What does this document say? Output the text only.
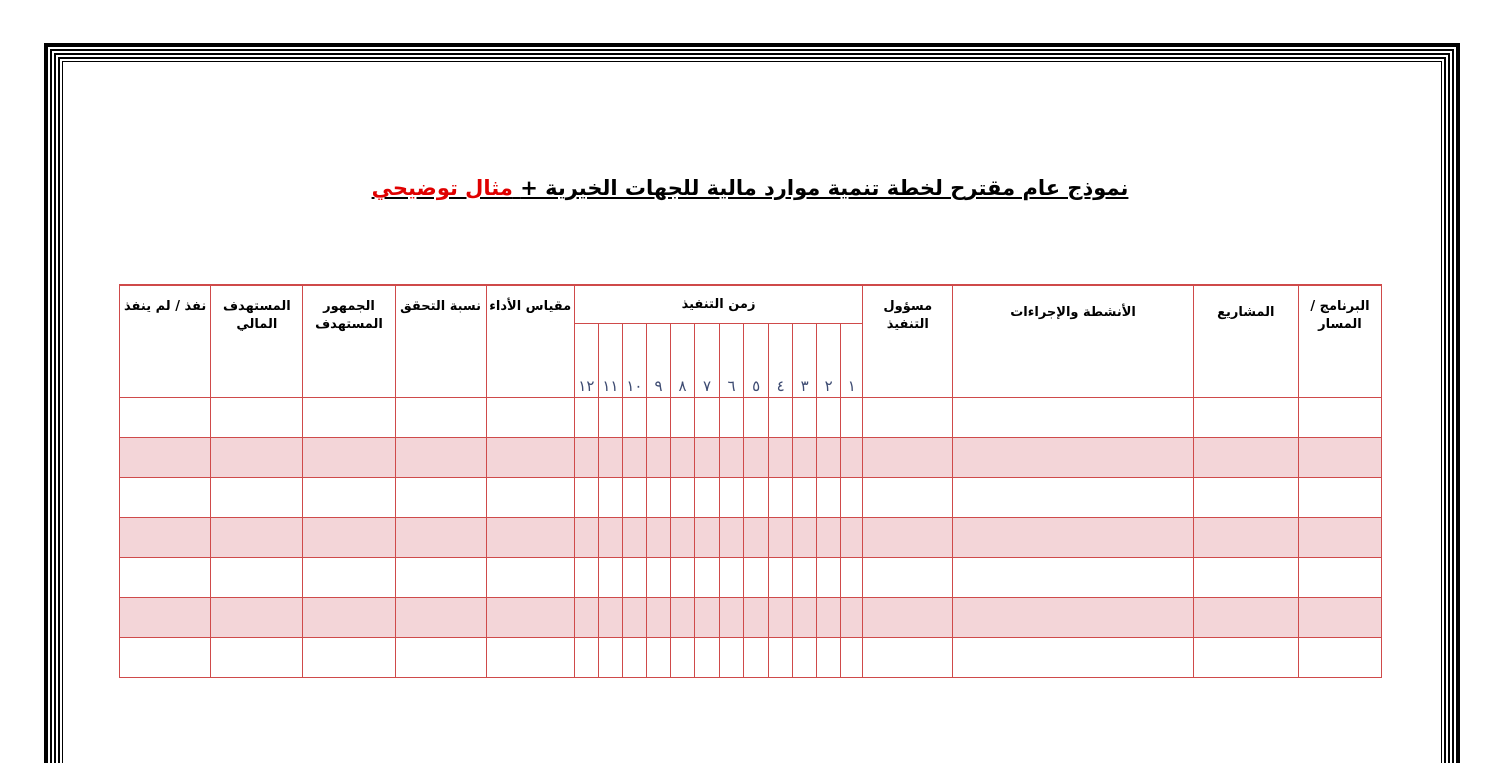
نموذج عام مقترح لخطة تنمية موارد مالية للجهات الخيرية + مثال توضيحي
البرنامج /المسار	المشاريع	الأنشطة والإجراءات	مسؤول التنفيذ	زمن التنفيذ												مقياس الأداء	نسبة التحقق	الجمهور المستهدف	المستهدف المالي	نفذ / لم ينفذ
				١	٢	٣	٤	٥	٦	٧	٨	٩	١٠	١١	١٢					
